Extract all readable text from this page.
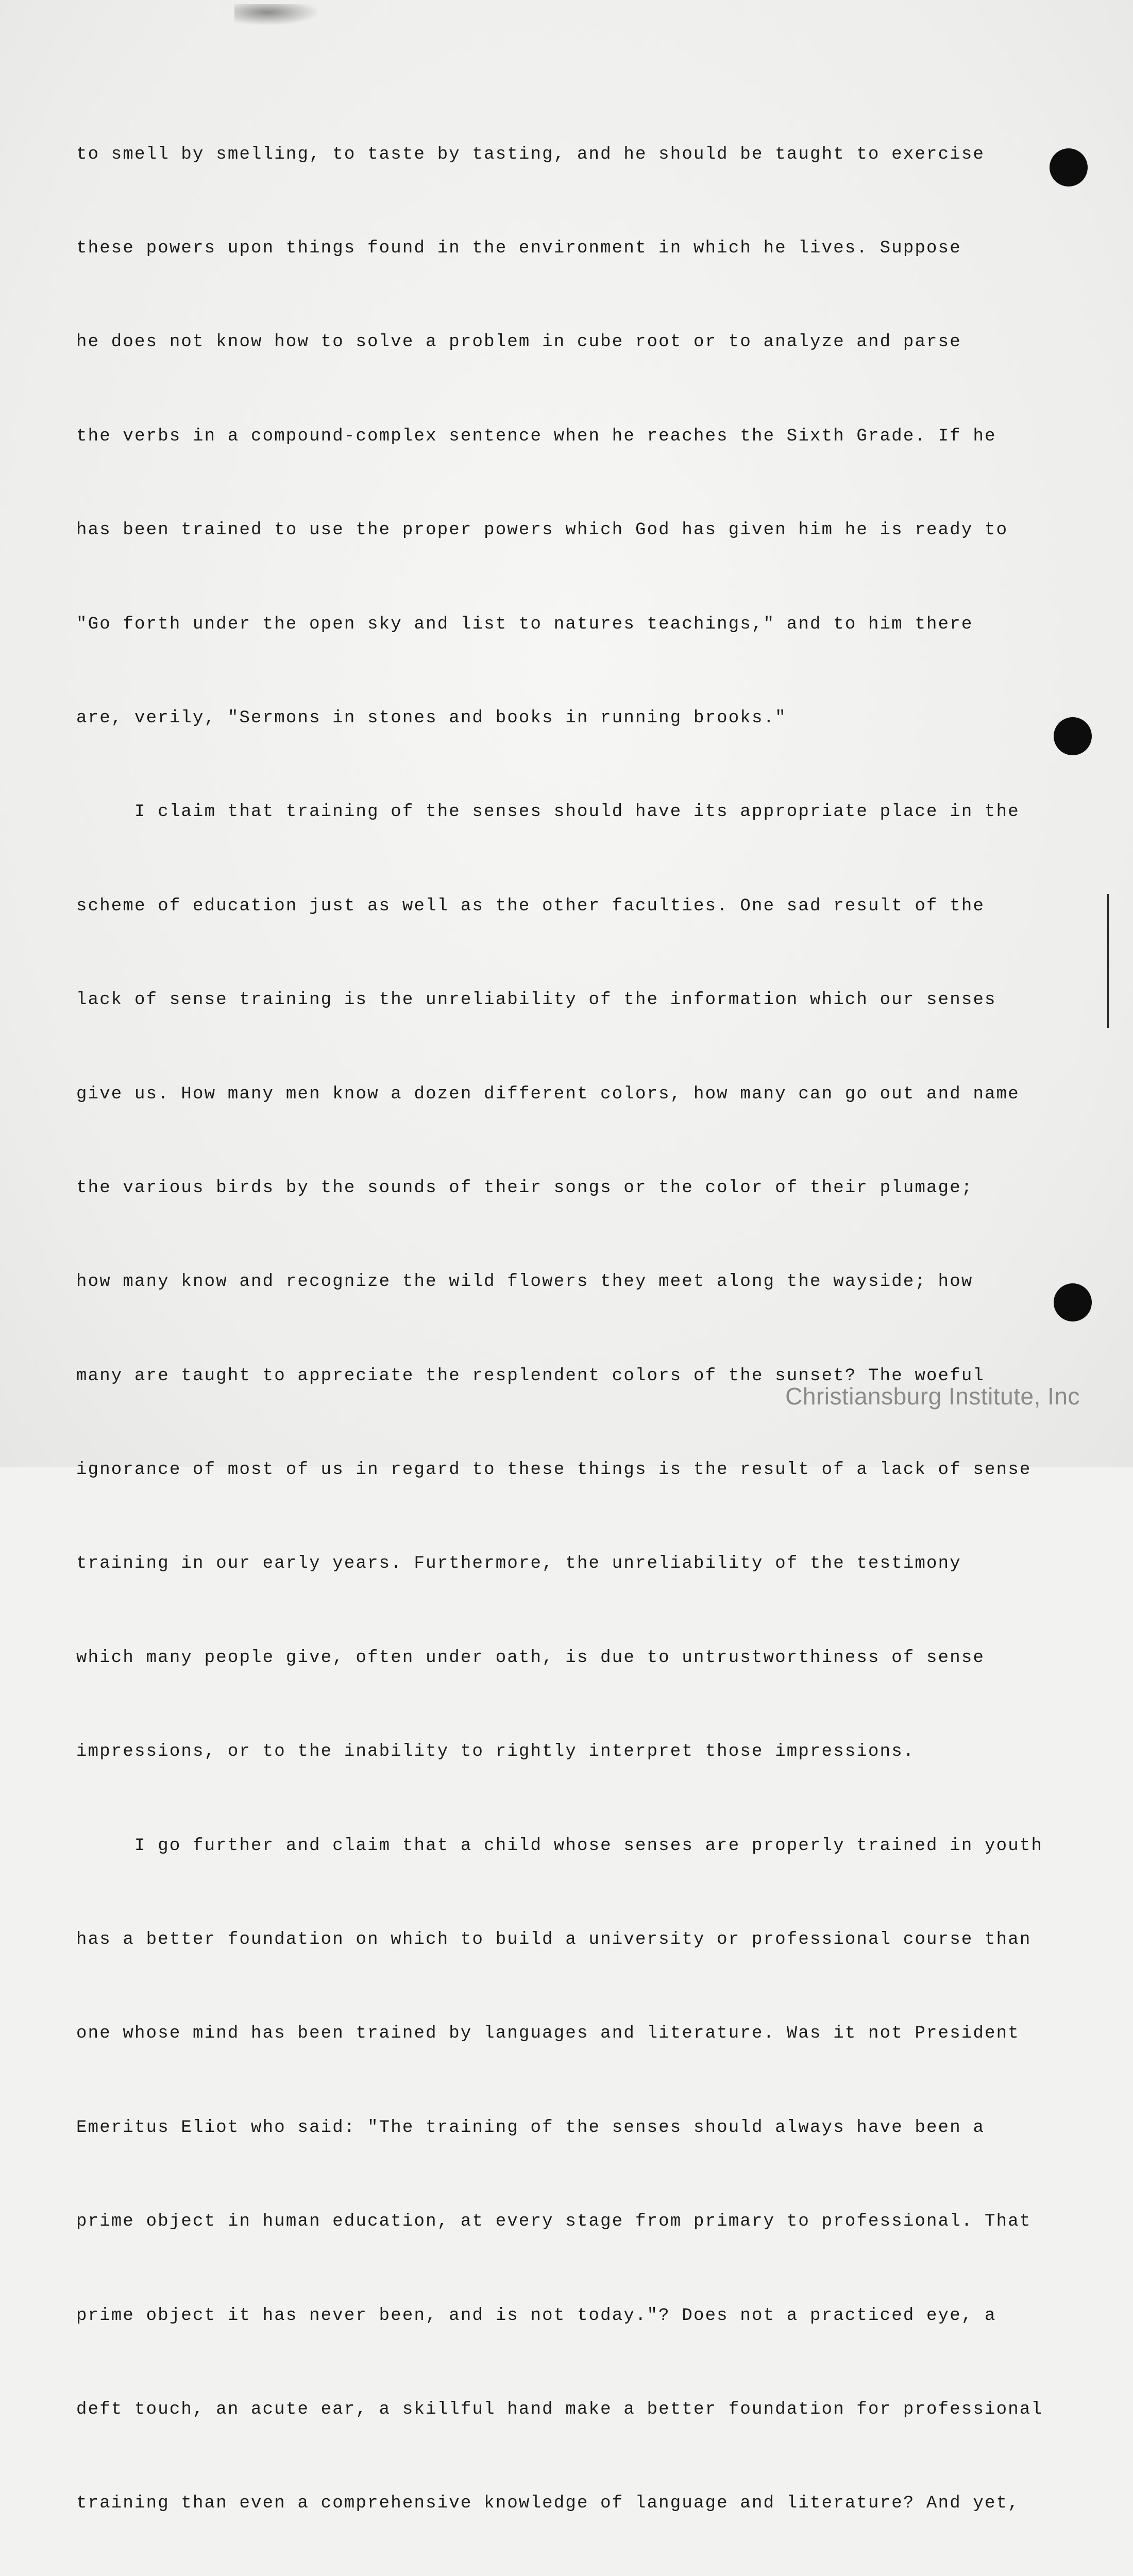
to smell by smelling, to taste by tasting, and he should be taught to exercise

these powers upon things found in the environment in which he lives. Suppose

he does not know how to solve a problem in cube root or to analyze and parse

the verbs in a compound-complex sentence when he reaches the Sixth Grade. If he

has been trained to use the proper powers which God has given him he is ready to

"Go forth under the open sky and list to natures teachings," and to him there

are, verily, "Sermons in stones and books in running brooks."

I claim that training of the senses should have its appropriate place in the

scheme of education just as well as the other faculties. One sad result of the

lack of sense training is the unreliability of the information which our senses

give us. How many men know a dozen different colors, how many can go out and name

the various birds by the sounds of their songs or the color of their plumage;

how many know and recognize the wild flowers they meet along the wayside; how

many are taught to appreciate the resplendent colors of the sunset? The woeful

ignorance of most of us in regard to these things is the result of a lack of sense

training in our early years. Furthermore, the unreliability of the testimony

which many people give, often under oath, is due to untrustworthiness of sense

impressions, or to the inability to rightly interpret those impressions.

I go further and claim that a child whose senses are properly trained in youth

has a better foundation on which to build a university or professional course than

one whose mind has been trained by languages and literature. Was it not President

Emeritus Eliot who said: "The training of the senses should always have been a

prime object in human education, at every stage from primary to professional. That

prime object it has never been, and is not today."? Does not a practiced eye, a

deft touch, an acute ear, a skillful hand make a better foundation for professional

training than even a comprehensive knowledge of language and literature? And yet,

Christiansburg Institute, Inc
